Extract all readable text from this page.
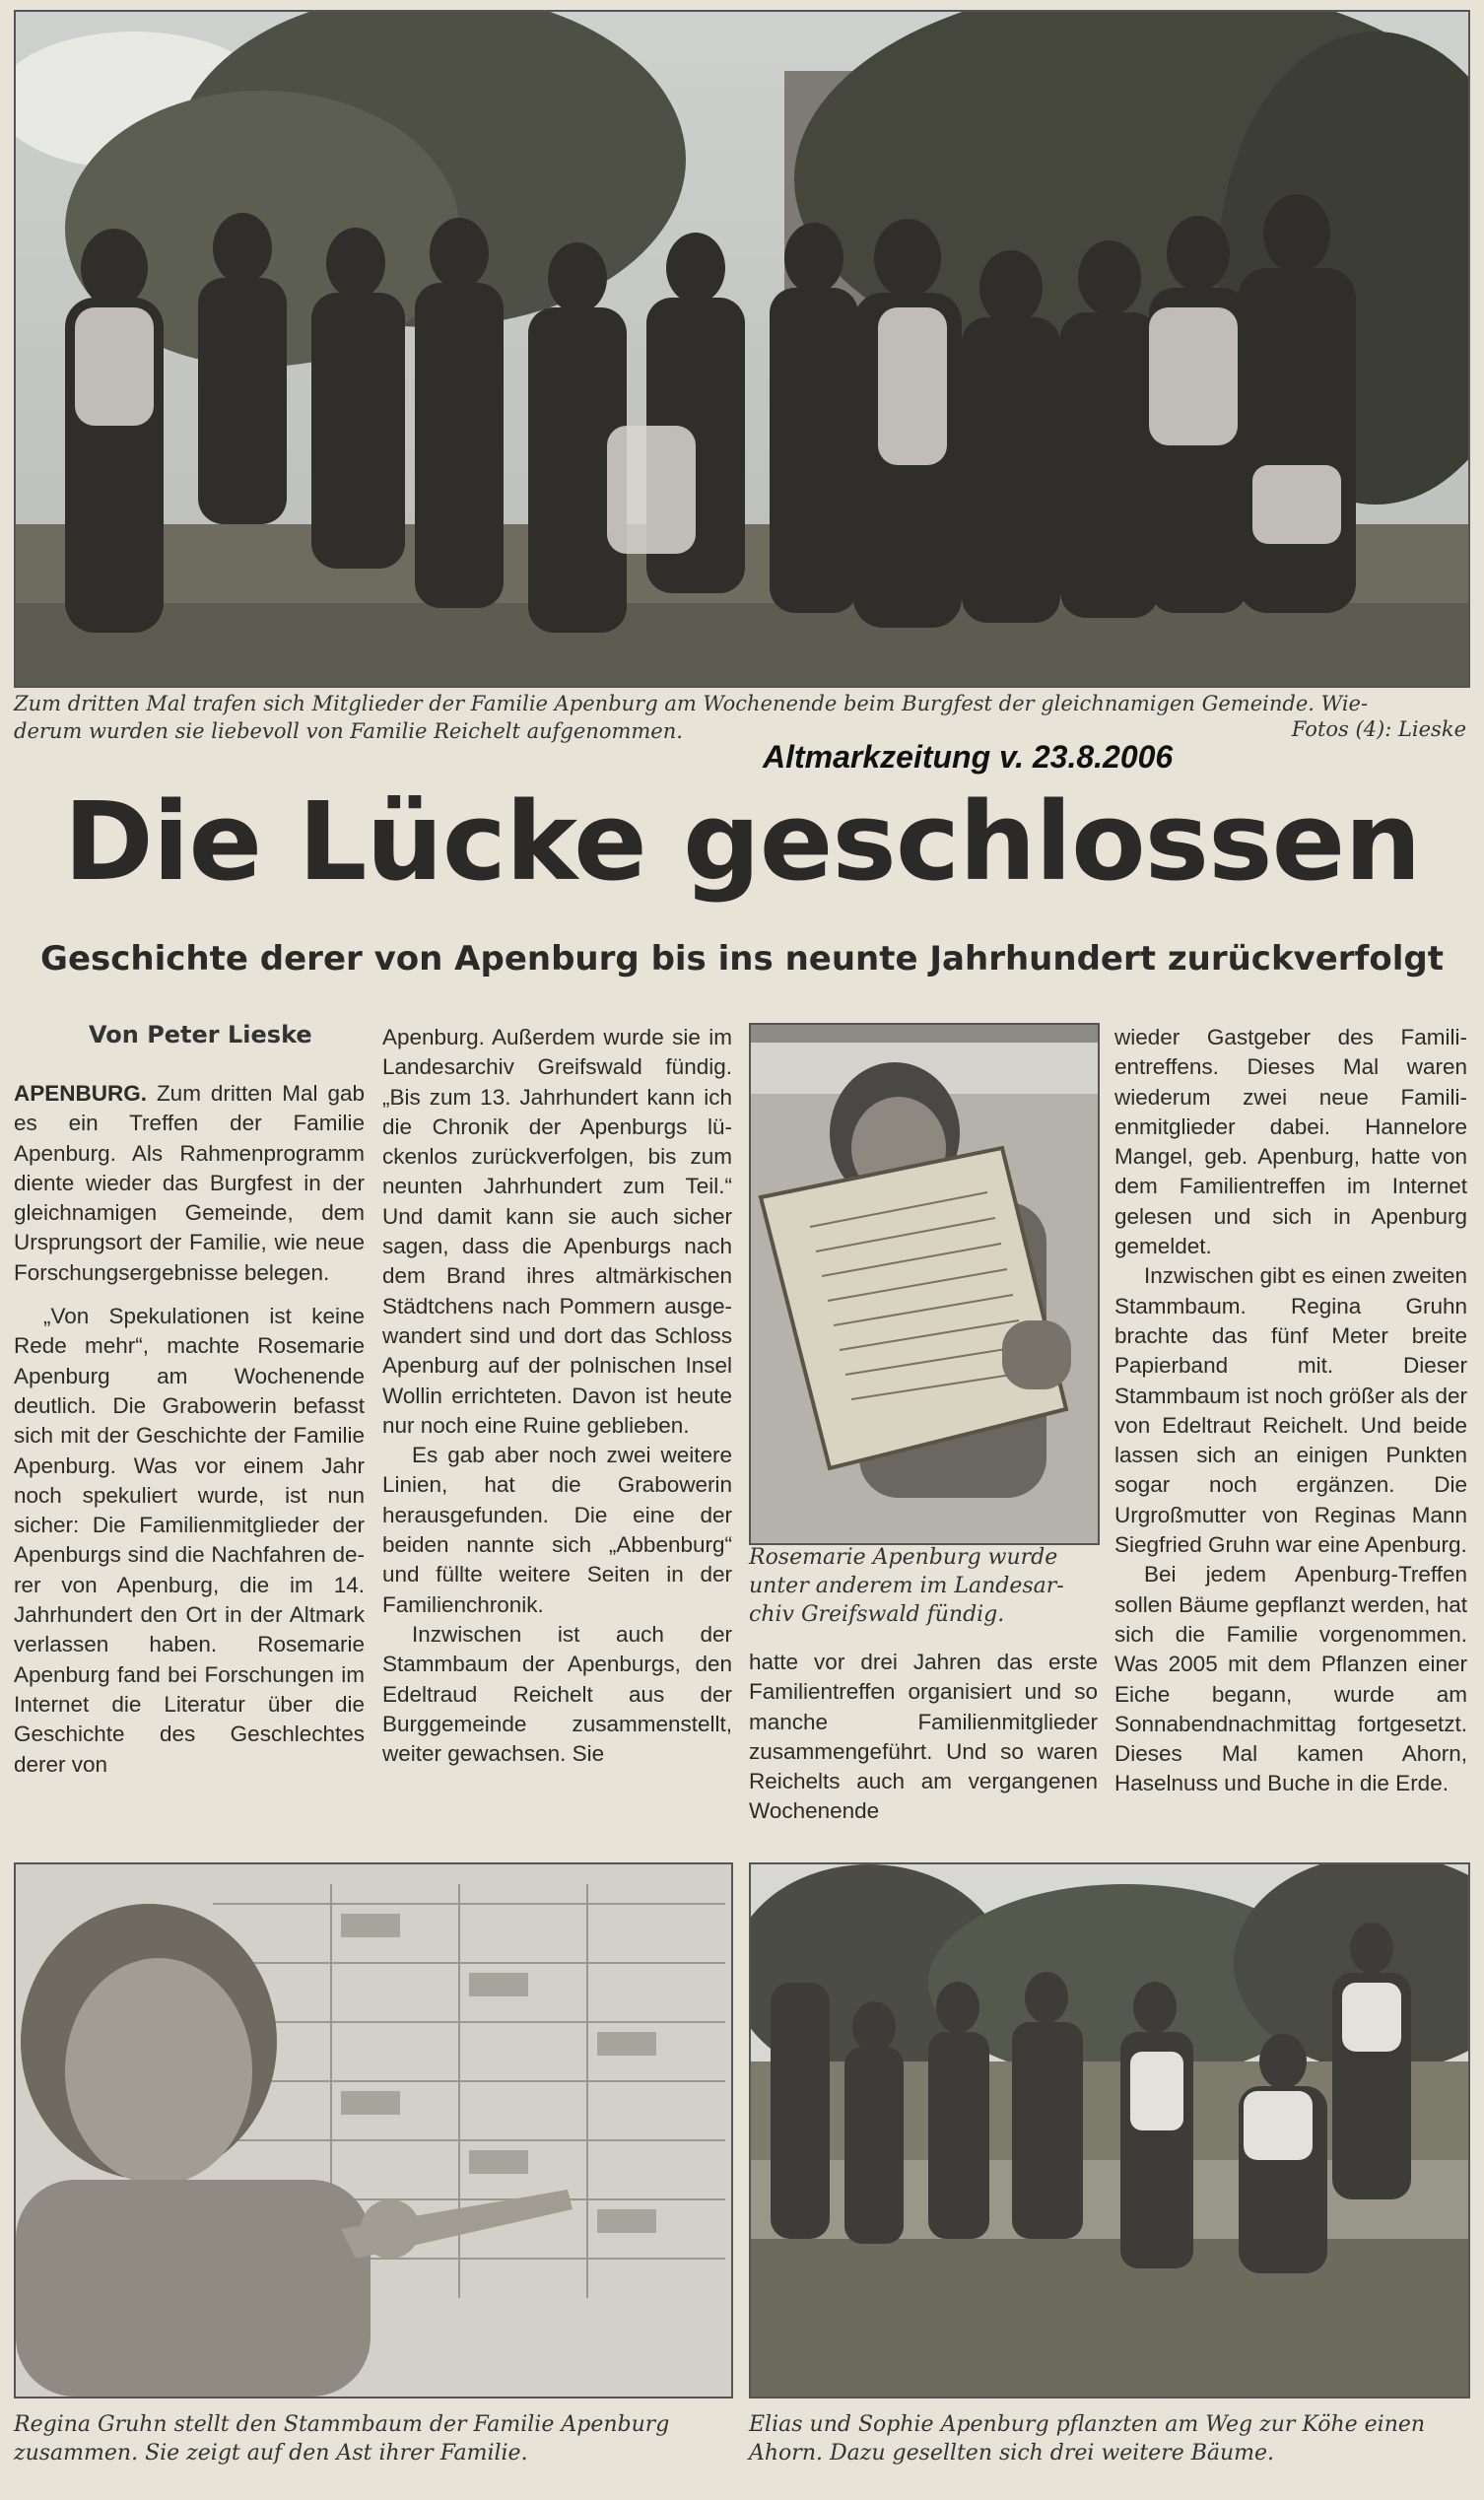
Zum dritten Mal trafen sich Mitglieder der Familie Apenburg am Wochenende beim Burgfest der gleichnamigen Gemeinde. Wie-
derum wurden sie liebevoll von Familie Reichelt aufgenommen.	Fotos (4): Lieske
Altmarkzeitung v. 23.8.2006
Die Lücke geschlossen
Geschichte derer von Apenburg bis ins neunte Jahrhundert zurückverfolgt
Von Peter Lieske

APENBURG. Zum dritten Mal gab es ein Treffen der Familie Apenburg. Als Rahmenprogramm diente wieder das Burgfest in der gleichnamigen Gemeinde, dem Ursprungsort der Familie, wie neue Forschungsergebnisse belegen.

„Von Spekulationen ist keine Rede mehr“, machte Rosemarie Apenburg am Wochenende deutlich. Die Grabowerin befasst sich mit der Geschichte der Familie Apenburg. Was vor einem Jahr noch spekuliert wurde, ist nun sicher: Die Familienmitglieder der Apenburgs sind die Nachfahren derer von Apenburg, die im 14. Jahrhundert den Ort in der Altmark verlassen haben. Rosemarie Apenburg fand bei Forschungen im Internet die Literatur über die Geschichte des Geschlechtes derer von

Apenburg. Außerdem wurde sie im Landesarchiv Greifswald fündig. „Bis zum 13. Jahrhundert kann ich die Chronik der Apenburgs lückenlos zurückverfolgen, bis zum neunten Jahrhundert zum Teil.“ Und damit kann sie auch sicher sagen, dass die Apenburgs nach dem Brand ihres altmärkischen Städtchens nach Pommern ausgewandert sind und dort das Schloss Apenburg auf der polnischen Insel Wollin errichteten. Davon ist heute nur noch eine Ruine geblieben.

Es gab aber noch zwei weitere Linien, hat die Grabowerin herausgefunden. Die eine der beiden nannte sich „Abbenburg“ und füllte weitere Seiten in der Familienchronik.

Inzwischen ist auch der Stammbaum der Apenburgs, den Edeltraud Reichelt aus der Burggemeinde zusammenstellt, weiter gewachsen. Sie

Rosemarie Apenburg wurde unter anderem im Landesarchiv Greifswald fündig.

hatte vor drei Jahren das erste Familientreffen organisiert und so manche Familienmitglieder zusammengeführt. Und so waren Reichelts auch am vergangenen Wochenende

wieder Gastgeber des Familientreffens. Dieses Mal waren wiederum zwei neue Familienmitglieder dabei. Hannelore Mangel, geb. Apenburg, hatte von dem Familientreffen im Internet gelesen und sich in Apenburg gemeldet.

Inzwischen gibt es einen zweiten Stammbaum. Regina Gruhn brachte das fünf Meter breite Papierband mit. Dieser Stammbaum ist noch größer als der von Edeltraut Reichelt. Und beide lassen sich an einigen Punkten sogar noch ergänzen. Die Urgroßmutter von Reginas Mann Siegfried Gruhn war eine Apenburg.

Bei jedem Apenburg-Treffen sollen Bäume gepflanzt werden, hat sich die Familie vorgenommen. Was 2005 mit dem Pflanzen einer Eiche begann, wurde am Sonnabendnachmittag fortgesetzt. Dieses Mal kamen Ahorn, Haselnuss und Buche in die Erde.

Regina Gruhn stellt den Stammbaum der Familie Apenburg zusammen. Sie zeigt auf den Ast ihrer Familie.

Elias und Sophie Apenburg pflanzten am Weg zur Köhe einen Ahorn. Dazu gesellten sich drei weitere Bäume.
